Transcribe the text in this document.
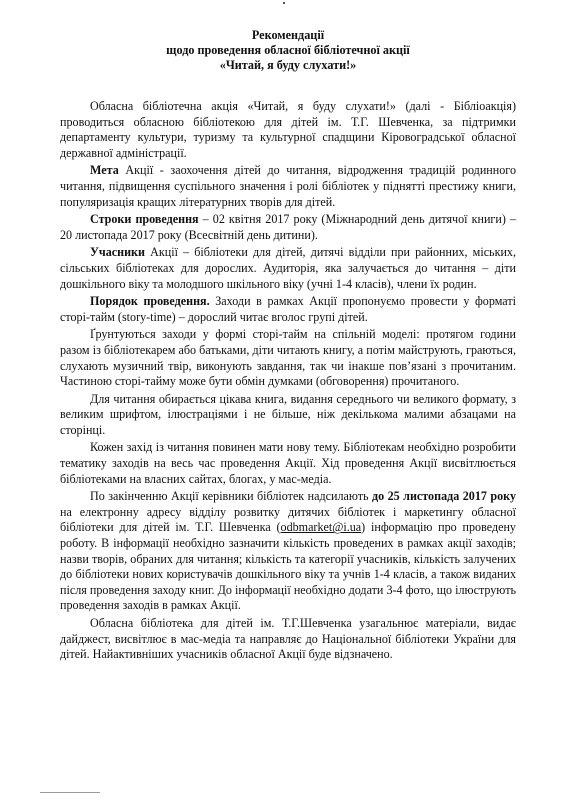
Рекомендації
щодо проведення обласної бібліотечної акції
«Читай, я буду слухати!»

Обласна бібліотечна акція «Читай, я буду слухати!» (далі - Бібліоакція) проводиться обласною бібліотекою для дітей ім. Т.Г. Шевченка, за підтримки департаменту культури, туризму та культурної спадщини Кіровоградської обласної державної адміністрації.

Мета Акції - заохочення дітей до читання, відродження традицій родинного читання, підвищення суспільного значення і ролі бібліотек у піднятті престижу книги, популяризація кращих літературних творів для дітей.

Строки проведення – 02 квітня 2017 року (Міжнародний день дитячої книги) – 20 листопада 2017 року (Всесвітній день дитини).

Учасники Акції – бібліотеки для дітей, дитячі відділи при районних, міських, сільських бібліотеках для дорослих. Аудиторія, яка залучається до читання – діти дошкільного віку та молодшого шкільного віку (учні 1-4 класів), члени їх родин.

Порядок проведення. Заходи в рамках Акції пропонуємо провести у форматі сторі-тайм (story-time) – дорослий читає вголос групі дітей.

Ґрунтуються заходи у формі сторі-тайм на спільній моделі: протягом години разом із бібліотекарем або батьками, діти читають книгу, а потім майструють, граються, слухають музичний твір, виконують завдання, так чи інакше пов’язані з прочитаним. Частиною сторі-тайму може бути обмін думками (обговорення) прочитаного.

Для читання обирається цікава книга, видання середнього чи великого формату, з великим шрифтом, ілюстраціями і не більше, ніж декількома малими абзацами на сторінці.

Кожен захід із читання повинен мати нову тему. Бібліотекам необхідно розробити тематику заходів на весь час проведення Акції. Хід проведення Акції висвітлюється бібліотеками на власних сайтах, блогах, у мас-медіа.

По закінченню Акції керівники бібліотек надсилають до 25 листопада 2017 року на електронну адресу відділу розвитку дитячих бібліотек і маркетингу обласної бібліотеки для дітей ім. Т.Г. Шевченка (odbmarket@i.ua) інформацію про проведену роботу. В інформації необхідно зазначити кількість проведених в рамках акції заходів; назви творів, обраних для читання; кількість та категорії учасників, кількість залучених до бібліотеки нових користувачів дошкільного віку та учнів 1-4 класів, а також виданих після проведення заходу книг. До інформації необхідно додати 3-4 фото, що ілюструють проведення заходів в рамках Акції.

Обласна бібліотека для дітей ім. Т.Г.Шевченка узагальнює матеріали, видає дайджест, висвітлює в мас-медіа та направляє до Національної бібліотеки України для дітей. Найактивніших учасників обласної Акції буде відзначено.
